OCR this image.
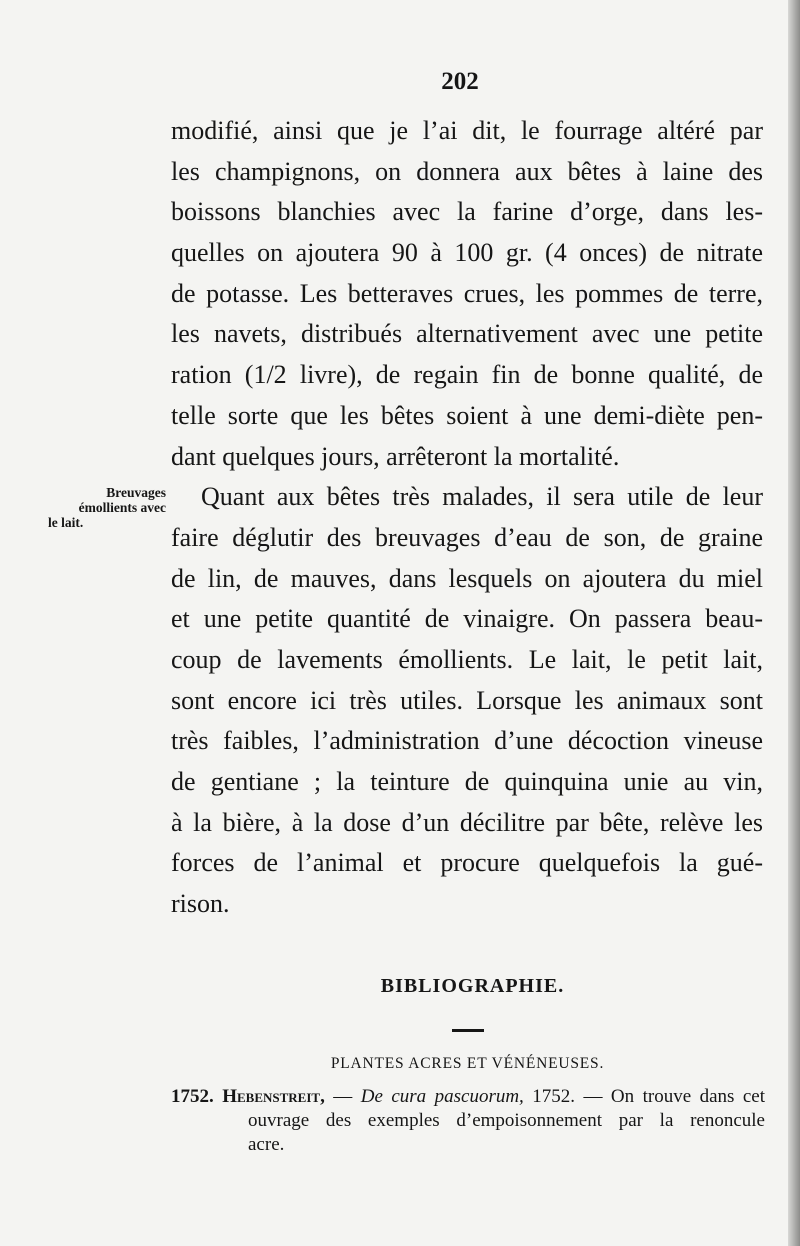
202
modifié, ainsi que je l’ai dit, le fourrage altéré par
les champignons, on donnera aux bêtes à laine des
boissons blanchies avec la farine d’orge, dans les-
quelles on ajoutera 90 à 100 gr. (4 onces) de nitrate
de potasse. Les betteraves crues, les pommes de terre,
les navets, distribués alternativement avec une petite
ration (1/2 livre), de regain fin de bonne qualité, de
telle sorte que les bêtes soient à une demi-diète pen-
dant quelques jours, arrêteront la mortalité.
Quant aux bêtes très malades, il sera utile de leur
faire déglutir des breuvages d’eau de son, de graine
de lin, de mauves, dans lesquels on ajoutera du miel
et une petite quantité de vinaigre. On passera beau-
coup de lavements émollients. Le lait, le petit lait,
sont encore ici très utiles. Lorsque les animaux sont
très faibles, l’administration d’une décoction vineuse
de gentiane ; la teinture de quinquina unie au vin,
à la bière, à la dose d’un décilitre par bête, relève les
forces de l’animal et procure quelquefois la gué-
rison.
Breuvages
émollients avec
le lait.
BIBLIOGRAPHIE.
PLANTES ACRES ET VÉNÉNEUSES.
1752. Hebenstreit, — De cura pascuorum, 1752. — On trouve dans cet
ouvrage des exemples d’empoisonnement par la renoncule
acre.
